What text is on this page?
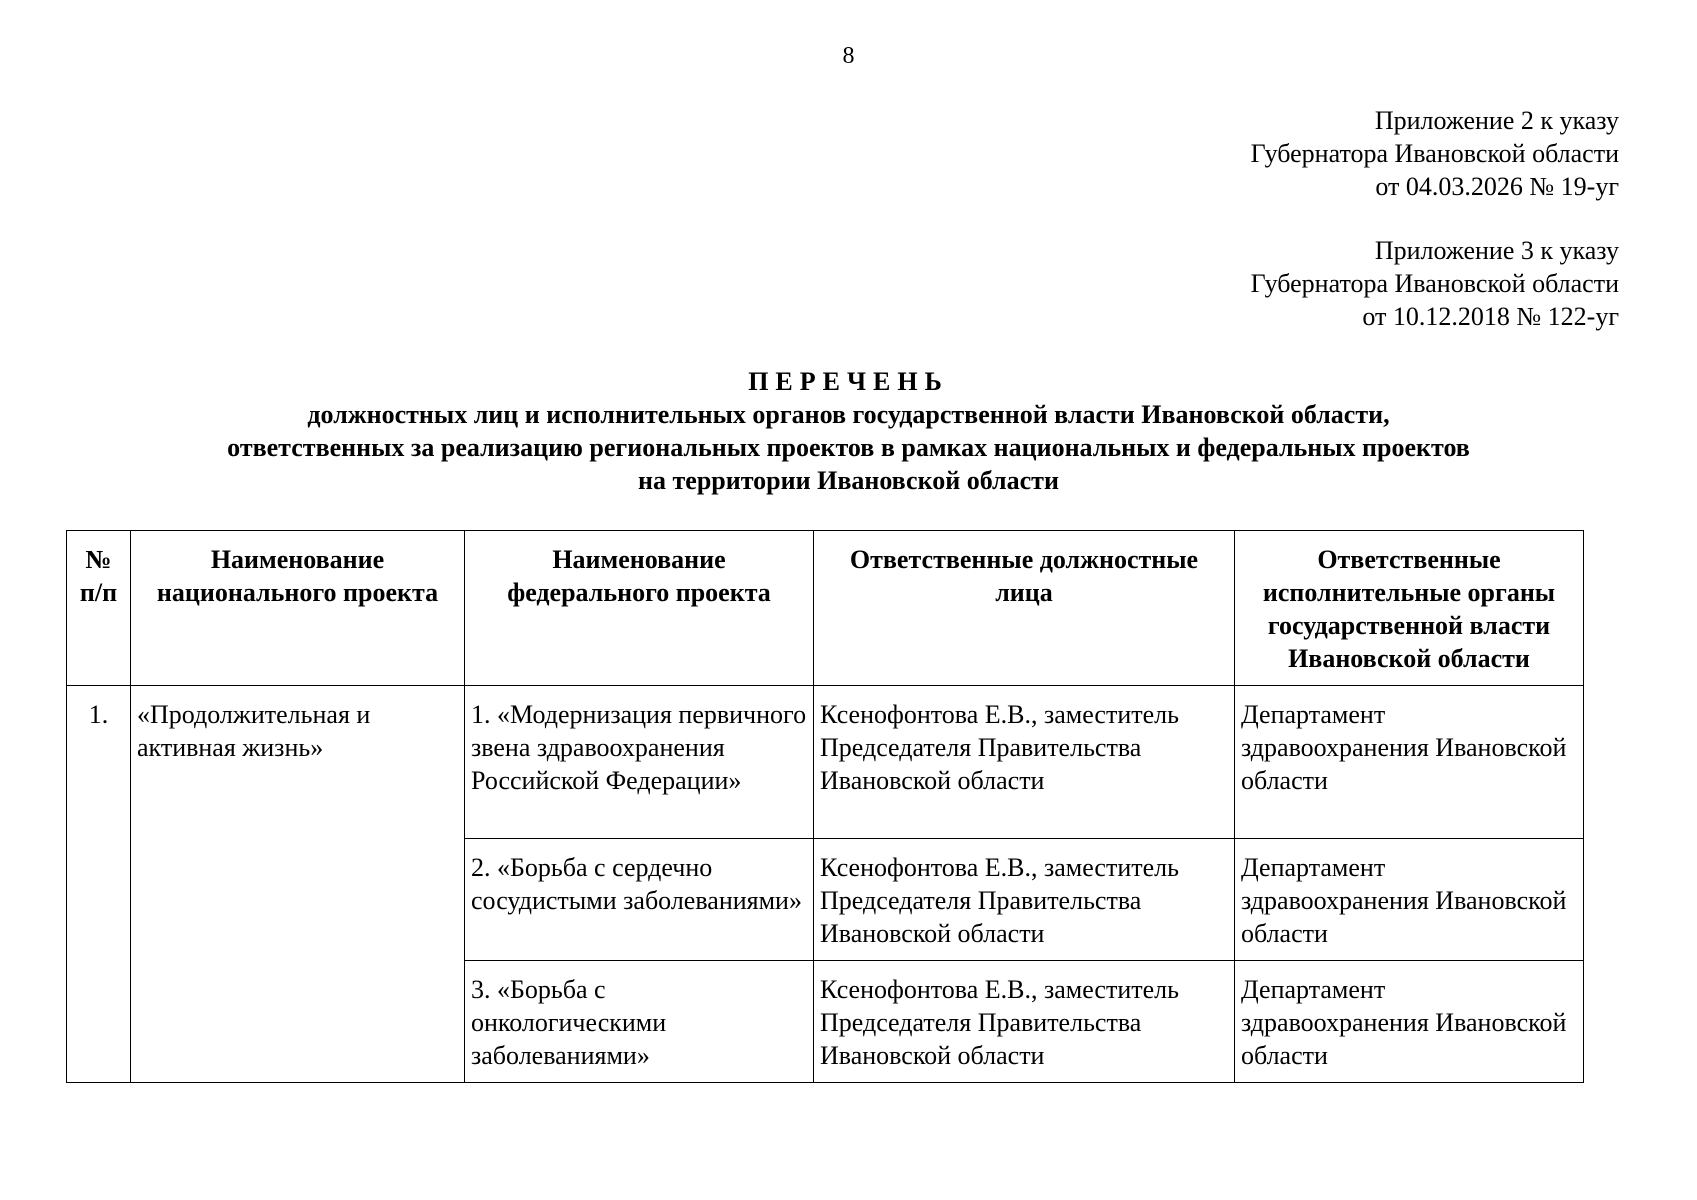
8
Приложение 2 к указу
Губернатора Ивановской области
от 04.03.2026 № 19-уг
Приложение 3 к указу
Губернатора Ивановской области
от 10.12.2018 № 122-уг
ПЕРЕЧЕНЬ
должностных лиц и исполнительных органов государственной власти Ивановской области,
ответственных за реализацию региональных проектов в рамках национальных и федеральных проектов
на территории Ивановской области
№ п/п	Наименование национального проекта	Наименование федерального проекта	Ответственные должностные лица	Ответственные исполнительные органы государственной власти Ивановской области
1.	«Продолжительная и активная жизнь»	1. «Модернизация первичного звена здравоохранения Российской Федерации»	Ксенофонтова Е.В., заместитель Председателя Правительства Ивановской области	Департамент здравоохранения Ивановской области
		2. «Борьба с сердечно сосудистыми заболеваниями»	Ксенофонтова Е.В., заместитель Председателя Правительства Ивановской области	Департамент здравоохранения Ивановской области
		3. «Борьба с онкологическими заболеваниями»	Ксенофонтова Е.В., заместитель Председателя Правительства Ивановской области	Департамент здравоохранения Ивановской области
